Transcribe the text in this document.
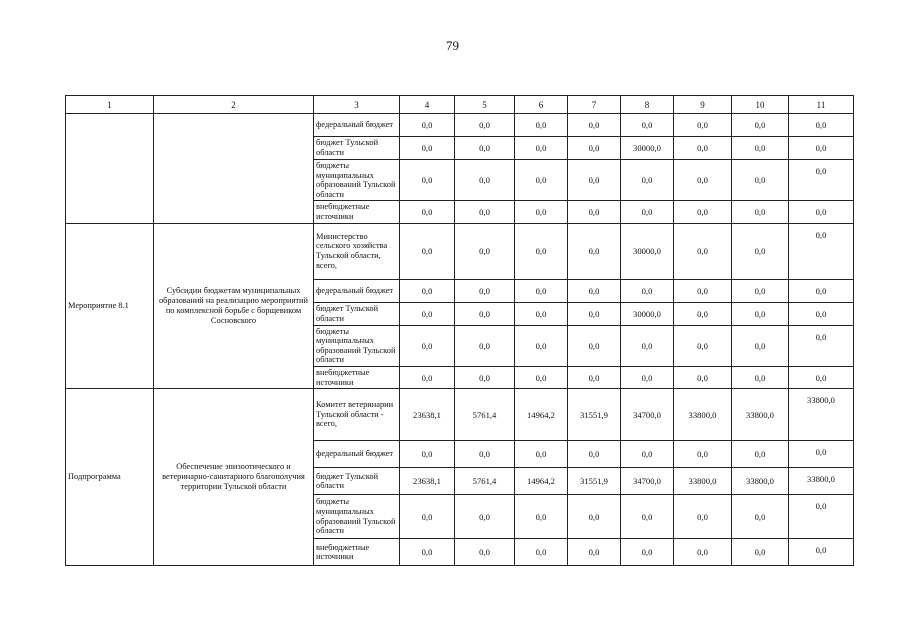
79
1	2	3	4	5	6	7	8	9	10	11
		федеральный бюджет	0,0	0,0	0,0	0,0	0,0	0,0	0,0	0,0
		бюджет Тульской области	0,0	0,0	0,0	0,0	30000,0	0,0	0,0	0,0
		бюджеты муниципальных образований Тульской области	0,0	0,0	0,0	0,0	0,0	0,0	0,0	0,0
		внебюджетные источники	0,0	0,0	0,0	0,0	0,0	0,0	0,0	0,0
Мероприятие 8.1	Субсидии бюджетам муниципальных образований на реализацию мероприятий по комплексной борьбе с борщевиком Сосновского	Министерство сельского хозяйства Тульской области, всего,	0,0	0,0	0,0	0,0	30000,0	0,0	0,0	0,0
		федеральный бюджет	0,0	0,0	0,0	0,0	0,0	0,0	0,0	0,0
		бюджет Тульской области	0,0	0,0	0,0	0,0	30000,0	0,0	0,0	0,0
		бюджеты муниципальных образований Тульской области	0,0	0,0	0,0	0,0	0,0	0,0	0,0	0,0
		внебюджетные источники	0,0	0,0	0,0	0,0	0,0	0,0	0,0	0,0
Подпрограмма	Обеспечение эпизоотического и ветеринарно-санитарного благополучия территории Тульской области	Комитет ветеринарии Тульской области - всего,	23638,1	5761,4	14964,2	31551,9	34700,0	33800,0	33800,0	33800,0
		федеральный бюджет	0,0	0,0	0,0	0,0	0,0	0,0	0,0	0,0
		бюджет Тульской области	23638,1	5761,4	14964,2	31551,9	34700,0	33800,0	33800,0	33800,0
		бюджеты муниципальных образований Тульской области	0,0	0,0	0,0	0,0	0,0	0,0	0,0	0,0
		внебюджетные источники	0,0	0,0	0,0	0,0	0,0	0,0	0,0	0,0
